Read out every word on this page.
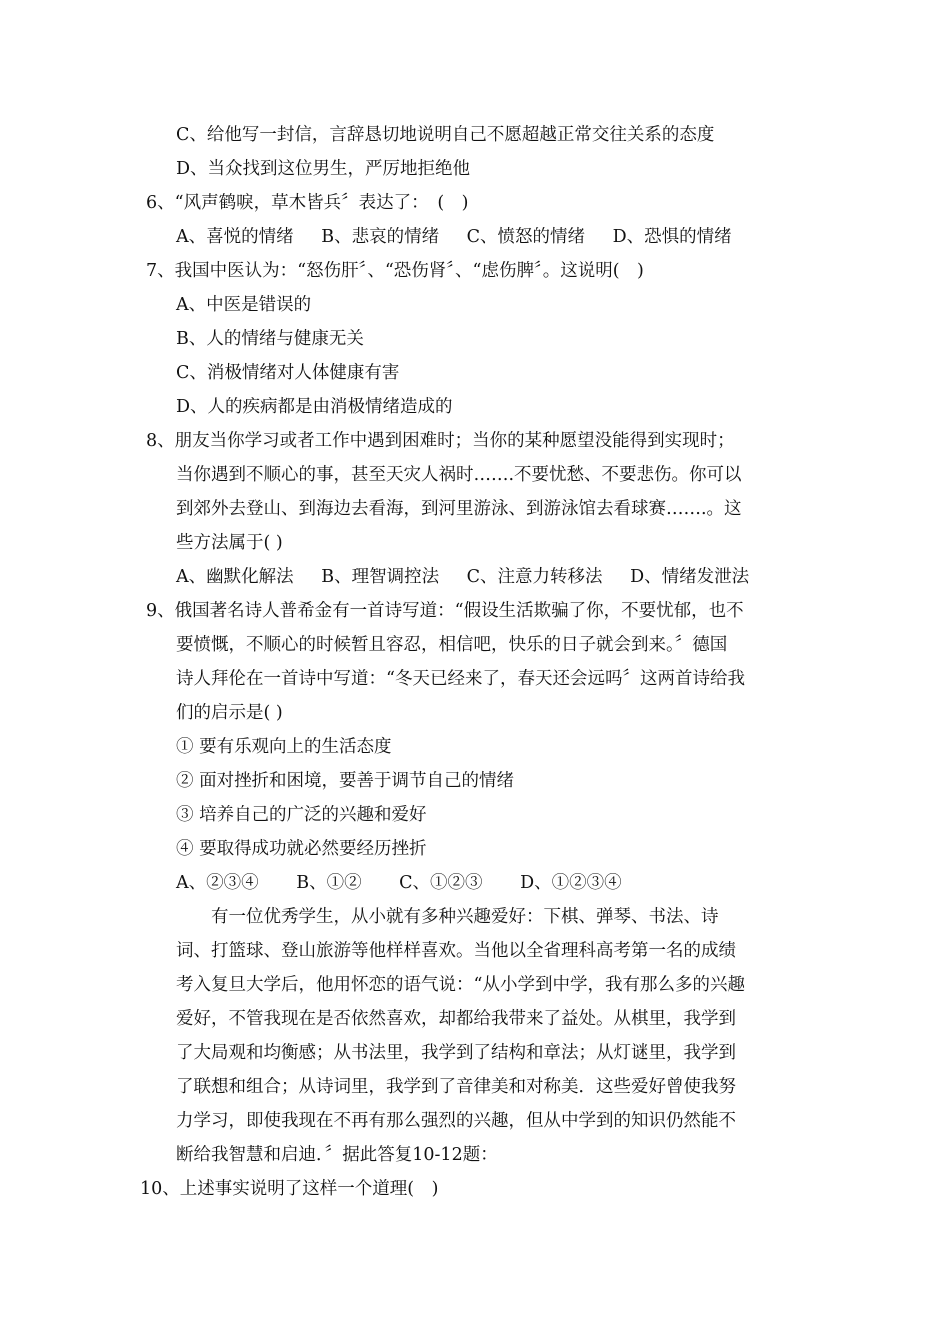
C、给他写一封信，言辞恳切地说明自己不愿超越正常交往关系的态度
D、当众找到这位男生，严厉地拒绝他
6、“风声鹤唳，草木皆兵〞表达了：　(　)
A、喜悦的情绪 B、悲哀的情绪 C、愤怒的情绪 D、恐惧的情绪
7、我国中医认为：“怒伤肝〞、“恐伤肾〞、“虑伤脾〞。这说明(　)
A、中医是错误的
B、人的情绪与健康无关
C、消极情绪对人体健康有害
D、人的疾病都是由消极情绪造成的
8、朋友当你学习或者工作中遇到困难时；当你的某种愿望没能得到实现时；
当你遇到不顺心的事，甚至天灾人祸时…….不要忧愁、不要悲伤。你可以
到郊外去登山、到海边去看海，到河里游泳、到游泳馆去看球赛…….。这
些方法属于( )
A、幽默化解法 B、理智调控法 C、注意力转移法 D、情绪发泄法
9、俄国著名诗人普希金有一首诗写道：“假设生活欺骗了你，不要忧郁，也不
要愤慨，不顺心的时候暂且容忍，相信吧，快乐的日子就会到来。〞德国
诗人拜伦在一首诗中写道：“冬天已经来了，春天还会远吗〞这两首诗给我
们的启示是( )
① 要有乐观向上的生活态度
② 面对挫折和困境，要善于调节自己的情绪
③ 培养自己的广泛的兴趣和爱好
④ 要取得成功就必然要经历挫折
A、②③④ B、①② C、①②③ D、①②③④
　　有一位优秀学生，从小就有多种兴趣爱好：下棋、弹琴、书法、诗
词、打篮球、登山旅游等他样样喜欢。当他以全省理科高考第一名的成绩
考入复旦大学后，他用怀恋的语气说：“从小学到中学，我有那么多的兴趣
爱好，不管我现在是否依然喜欢，却都给我带来了益处。从棋里，我学到
了大局观和均衡感；从书法里，我学到了结构和章法；从灯谜里，我学到
了联想和组合；从诗词里，我学到了音律美和对称美．这些爱好曾使我努
力学习，即使我现在不再有那么强烈的兴趣，但从中学到的知识仍然能不
断给我智慧和启迪．〞据此答复10-12题：
10、上述事实说明了这样一个道理(　)
